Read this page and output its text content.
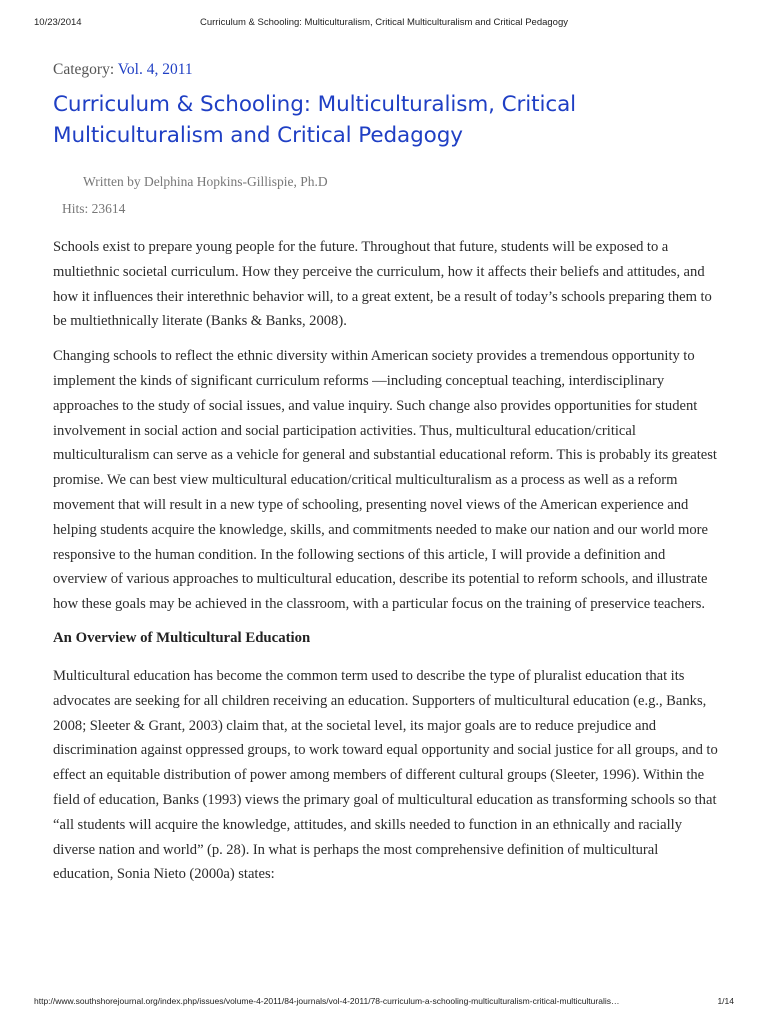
10/23/2014	Curriculum & Schooling: Multiculturalism, Critical Multiculturalism and Critical Pedagogy
Category: Vol. 4, 2011
Curriculum & Schooling: Multiculturalism, Critical Multiculturalism and Critical Pedagogy
Written by Delphina Hopkins-Gillispie, Ph.D
Hits: 23614

Schools exist to prepare young people for the future. Throughout that future, students will be exposed to a multiethnic societal curriculum. How they perceive the curriculum, how it affects their beliefs and attitudes, and how it influences their interethnic behavior will, to a great extent, be a result of today’s schools preparing them to be multiethnically literate (Banks & Banks, 2008).

Changing schools to reflect the ethnic diversity within American society provides a tremendous opportunity to implement the kinds of significant curriculum reforms —including conceptual teaching, interdisciplinary approaches to the study of social issues, and value inquiry. Such change also provides opportunities for student involvement in social action and social participation activities. Thus, multicultural education/critical multiculturalism can serve as a vehicle for general and substantial educational reform. This is probably its greatest promise. We can best view multicultural education/critical multiculturalism as a process as well as a reform movement that will result in a new type of schooling, presenting novel views of the American experience and helping students acquire the knowledge, skills, and commitments needed to make our nation and our world more responsive to the human condition. In the following sections of this article, I will provide a definition and overview of various approaches to multicultural education, describe its potential to reform schools, and illustrate how these goals may be achieved in the classroom, with a particular focus on the training of preservice teachers.

An Overview of Multicultural Education

Multicultural education has become the common term used to describe the type of pluralist education that its advocates are seeking for all children receiving an education. Supporters of multicultural education (e.g., Banks, 2008; Sleeter & Grant, 2003) claim that, at the societal level, its major goals are to reduce prejudice and discrimination against oppressed groups, to work toward equal opportunity and social justice for all groups, and to effect an equitable distribution of power among members of different cultural groups (Sleeter, 1996). Within the field of education, Banks (1993) views the primary goal of multicultural education as transforming schools so that “all students will acquire the knowledge, attitudes, and skills needed to function in an ethnically and racially diverse nation and world” (p. 28). In what is perhaps the most comprehensive definition of multicultural education, Sonia Nieto (2000a) states:

http://www.southshorejournal.org/index.php/issues/volume-4-2011/84-journals/vol-4-2011/78-curriculum-a-schooling-multiculturalism-critical-multiculturalis…	1/14
